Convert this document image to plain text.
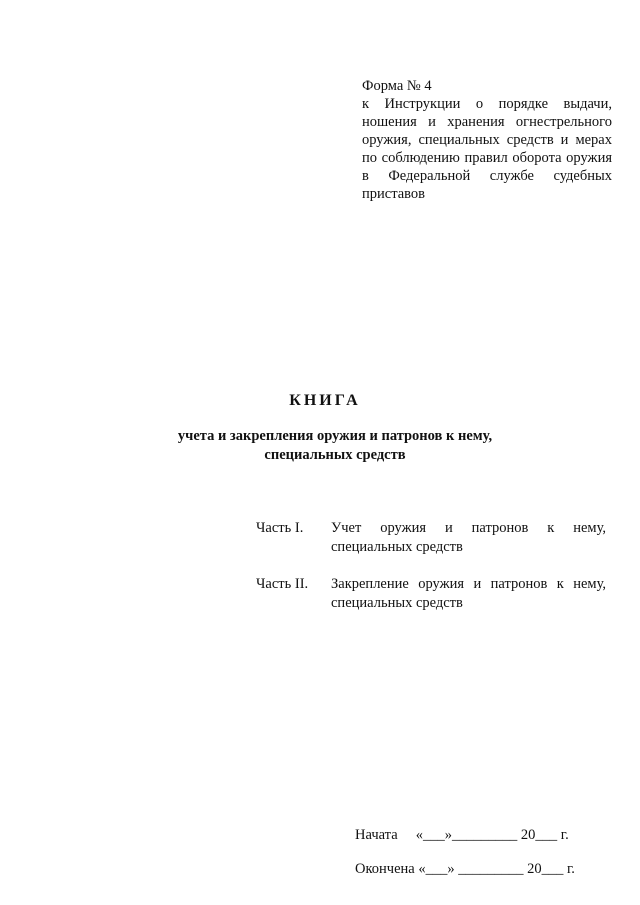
Форма № 4
к Инструкции о порядке выдачи, ношения и хранения огнестрельного оружия, специальных средств и мерах по соблюдению правил оборота оружия в Федеральной службе судебных приставов
КНИГА
учета и закрепления оружия и патронов к нему,
специальных средств
Часть I.	Учет оружия и патронов к нему, специальных средств
Часть II.	Закрепление оружия и патронов к нему, специальных средств
Начата     «___»_________ 20___ г.
Окончена «___» _________ 20___ г.
